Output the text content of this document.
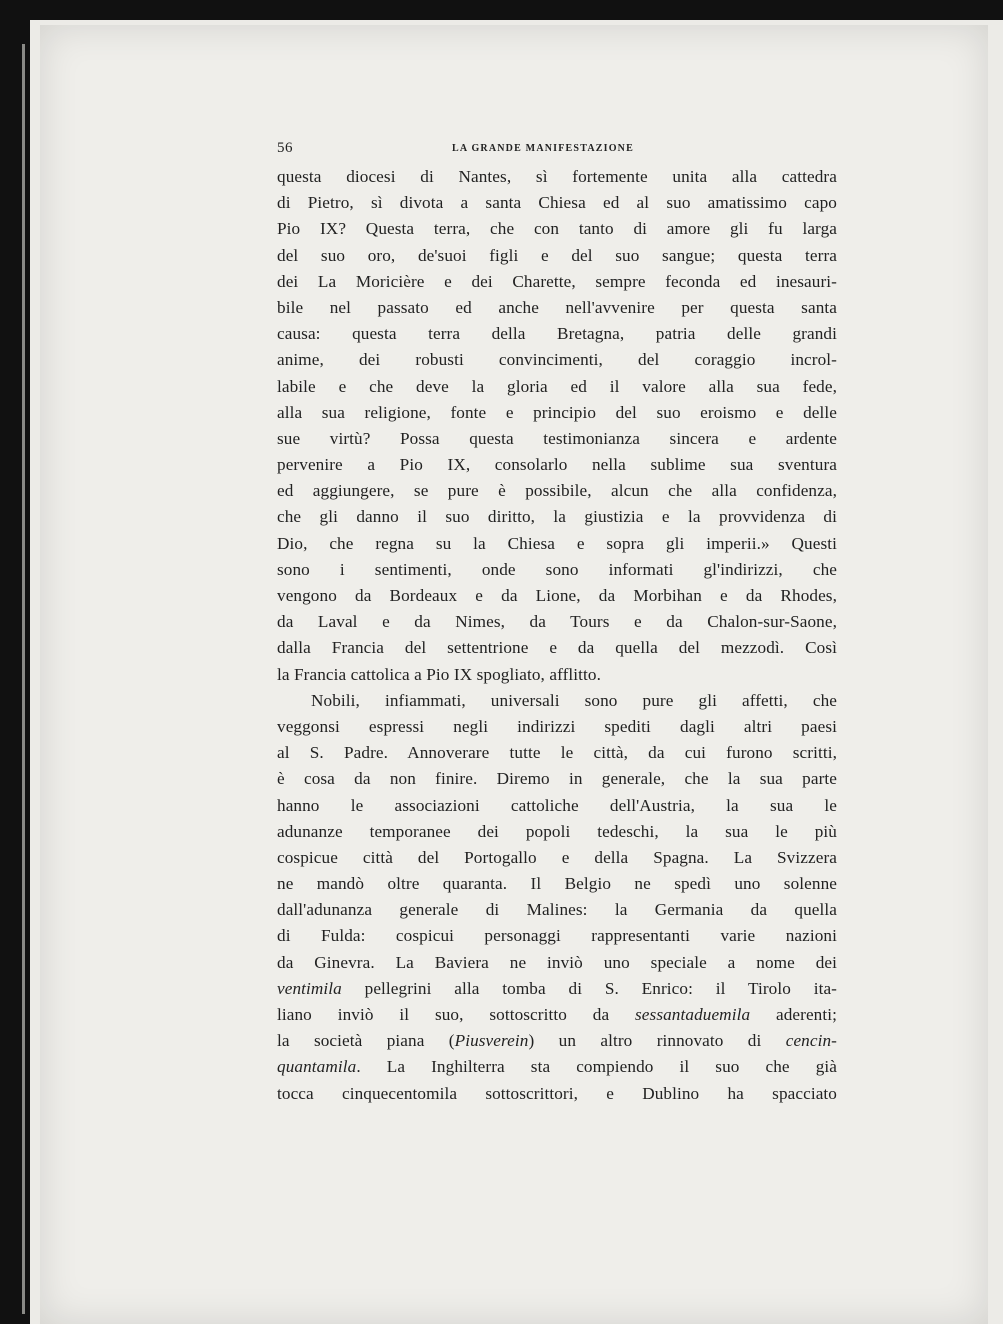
56	LA GRANDE MANIFESTAZIONE
questa diocesi di Nantes, sì fortemente unita alla cattedra
di Pietro, sì divota a santa Chiesa ed al suo amatissimo capo
Pio IX? Questa terra, che con tanto di amore gli fu larga
del suo oro, de'suoi figli e del suo sangue; questa terra
dei La Moricière e dei Charette, sempre feconda ed inesauri-
bile nel passato ed anche nell'avvenire per questa santa
causa: questa terra della Bretagna, patria delle grandi
anime, dei robusti convincimenti, del coraggio incrol-
labile e che deve la gloria ed il valore alla sua fede,
alla sua religione, fonte e principio del suo eroismo e delle
sue virtù? Possa questa testimonianza sincera e ardente
pervenire a Pio IX, consolarlo nella sublime sua sventura
ed aggiungere, se pure è possibile, alcun che alla confidenza,
che gli danno il suo diritto, la giustizia e la provvidenza di
Dio, che regna su la Chiesa e sopra gli imperii.» Questi
sono i sentimenti, onde sono informati gl'indirizzi, che
vengono da Bordeaux e da Lione, da Morbihan e da Rhodes,
da Laval e da Nimes, da Tours e da Chalon-sur-Saone,
dalla Francia del settentrione e da quella del mezzodì. Così
la Francia cattolica a Pio IX spogliato, afflitto.
Nobili, infiammati, universali sono pure gli affetti, che
veggonsi espressi negli indirizzi spediti dagli altri paesi
al S. Padre. Annoverare tutte le città, da cui furono scritti,
è cosa da non finire. Diremo in generale, che la sua parte
hanno le associazioni cattoliche dell'Austria, la sua le
adunanze temporanee dei popoli tedeschi, la sua le più
cospicue città del Portogallo e della Spagna. La Svizzera
ne mandò oltre quaranta. Il Belgio ne spedì uno solenne
dall'adunanza generale di Malines: la Germania da quella
di Fulda: cospicui personaggi rappresentanti varie nazioni
da Ginevra. La Baviera ne inviò uno speciale a nome dei
ventimila pellegrini alla tomba di S. Enrico: il Tirolo ita-
liano inviò il suo, sottoscritto da sessantaduemila aderenti;
la società piana (Piusverein) un altro rinnovato di cencin-
quantamila. La Inghilterra sta compiendo il suo che già
tocca cinquecentomila sottoscrittori, e Dublino ha spacciato
